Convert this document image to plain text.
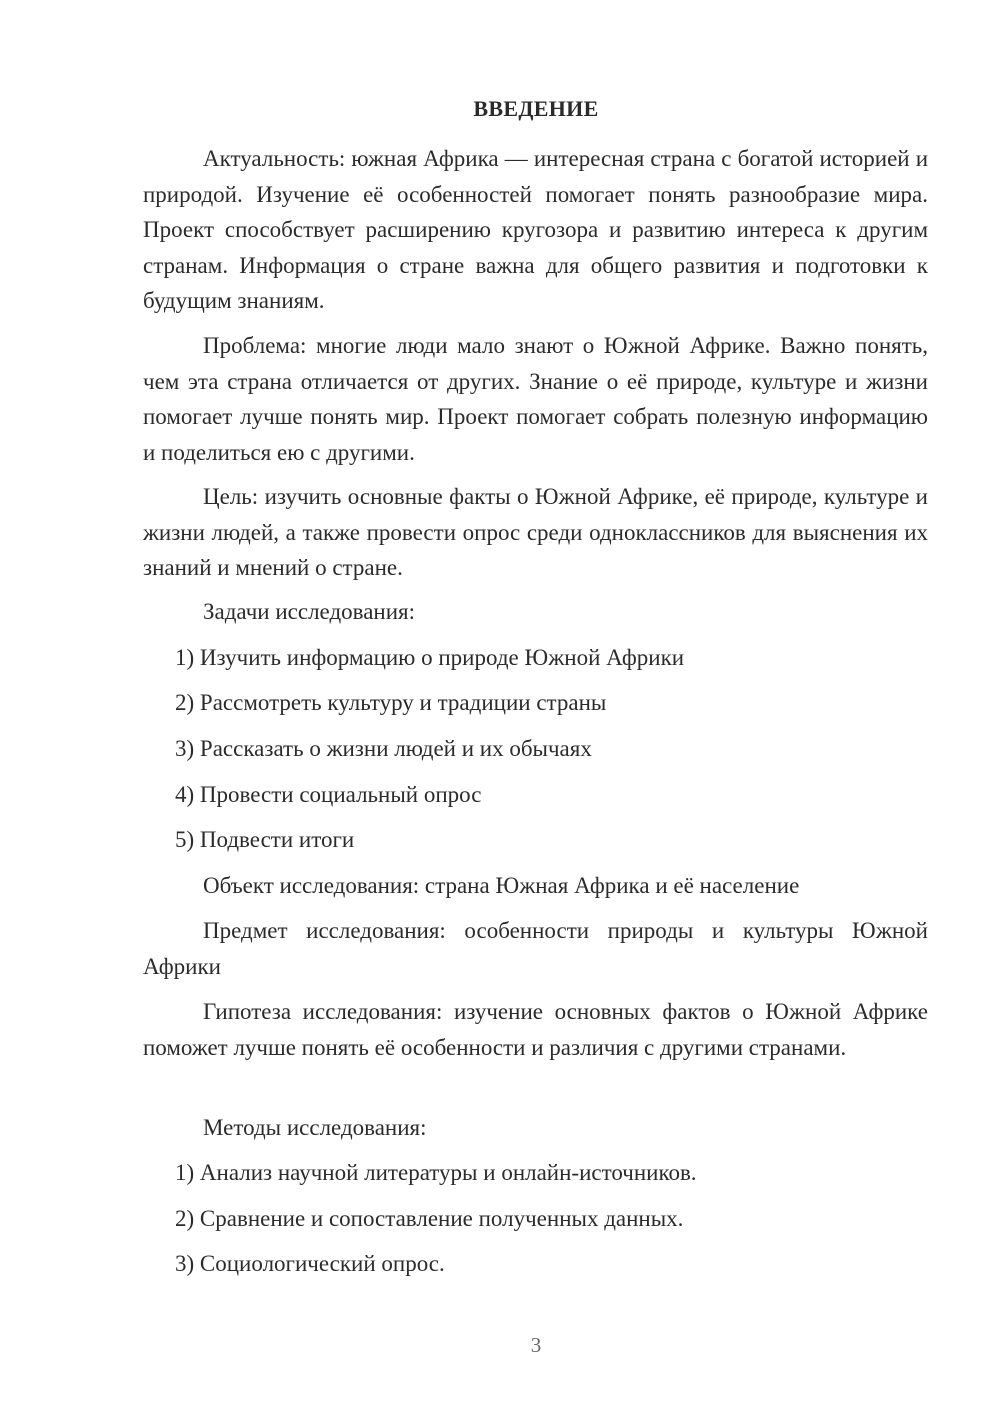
ВВЕДЕНИЕ

Актуальность: южная Африка — интересная страна с богатой историей и природой. Изучение её особенностей помогает понять разнообразие мира. Проект способствует расширению кругозора и развитию интереса к другим странам. Информация о стране важна для общего развития и подготовки к будущим знаниям.

Проблема: многие люди мало знают о Южной Африке. Важно понять, чем эта страна отличается от других. Знание о её природе, культуре и жизни помогает лучше понять мир. Проект помогает собрать полезную информацию и поделиться ею с другими.

Цель: изучить основные факты о Южной Африке, её природе, культуре и жизни людей, а также провести опрос среди одноклассников для выяснения их знаний и мнений о стране.

Задачи исследования:

1) Изучить информацию о природе Южной Африки

2) Рассмотреть культуру и традиции страны

3) Рассказать о жизни людей и их обычаях

4) Провести социальный опрос

5) Подвести итоги

Объект исследования: страна Южная Африка и её население

Предмет исследования: особенности природы и культуры Южной Африки

Гипотеза исследования: изучение основных фактов о Южной Африке поможет лучше понять её особенности и различия с другими странами.

Методы исследования:

1) Анализ научной литературы и онлайн-источников.

2) Сравнение и сопоставление полученных данных.

3) Социологический опрос.

3
